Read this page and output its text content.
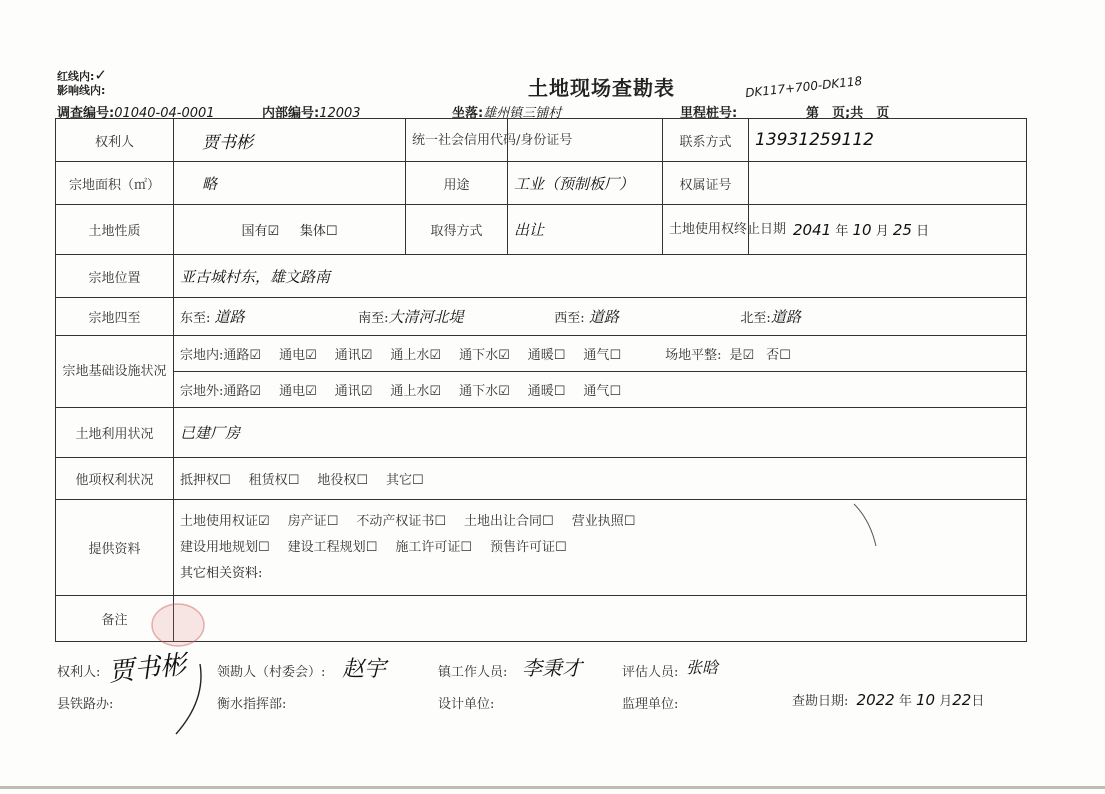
红线内:✓
影响线内:	土地现场查勘表	DK117+700-DK118
调查编号:01040-04-0001	内部编号:12003	坐落:雄州镇三铺村	里程桩号:	第　页;共　页
权利人	贾书彬	统一社会信用代码/身份证号		联系方式	13931259112
宗地面积（㎡）	略	用途	工业（预制板厂）	权属证号	
土地性质	国有☑ 集体☐	取得方式	出让	土地使用权终止日期	2041 年 10 月 25 日
宗地位置	亚古城村东，雄文路南				
宗地四至	东至: 道路 南至:大清河北堤 西至: 道路 北至:道路				
宗地基础设施状况	宗地内:通路☑ 通电☑ 通讯☑ 通上水☑ 通下水☑ 通暖☐ 通气☐ 场地平整: 是☑ 否☐				
	宗地外:通路☑ 通电☑ 通讯☑ 通上水☑ 通下水☑ 通暖☐ 通气☐				
土地利用状况	已建厂房				
他项权利状况	抵押权☐ 租赁权☐ 地役权☐ 其它☐				
提供资料	土地使用权证☑ 房产证☐ 不动产权证书☐ 土地出让合同☐ 营业执照☐
建设用地规划☐ 建设工程规划☐ 施工许可证☐ 预售许可证☐
其它相关资料:				

备注					
权利人: 贾书彬 领勘人（村委会）: 赵宇	镇工作人员: 李秉才	评估人员: 张晗
县铁路办:	衡水指挥部:	设计单位:	监理单位:	查勘日期: 2022 年 10 月22日
